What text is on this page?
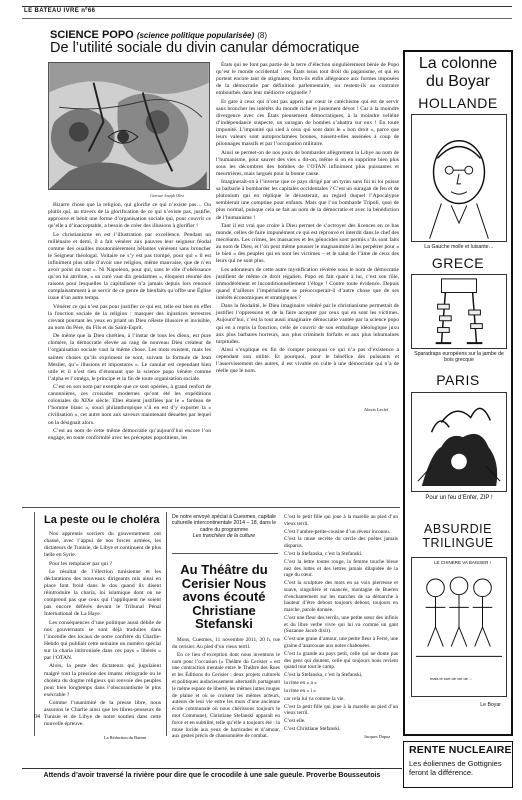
LE BATEAU IVRE nº66
SCIENCE POPO (science politique popularisée) (8)
De l’utilité sociale du divin canular démocratique
Gravure Joseph Olivi

Bizarre chose que la religion, qui glorifie ce qui n’existe pas… Ou plutôt qui, au travers de la glorification de ce qui n’existe pas, justifie, approuve et bénit une forme d’organisation sociale qui, pour couvrir ce qu’elle a d’inacceptable, a besoin de créer des illusions à glorifier !

Le christianisme en est l’illustration par excellence. Pendant un millénaire et demi, il a fait vénérer aux pauvres leur seigneur féodal comme des ouailles moutonnièrement bêlantes vénèrent sans broncher le Seigneur théologal. Voltaire ne s’y est pas trompé, pour qui « il est infiniment plus utile d’avoir une religion, même mauvaise, que de n’en avoir point du tout ». Ni Napoléon, pour qui, sans le rôle d’obéissance qu’on lui attribue, « un curé vaut dix gendarmes », éloquent résumé des raisons pour lesquelles la capitalisme n’a jamais depuis lors renoncé complaisamment à se servir de ce genre de bienfaits qu’offre une Église issue d’un autre temps.

Vénérer ce qui n’est pas pour justifier ce qui est, telle est bien en effet la fonction sociale de la religion : masquer des injustices terrestres crevant pourtant les yeux en priant un Dieu céleste illusoire et invisible, au nom du Père, du Fils et du Saint-Esprit.

De même que la Dieu chrétien, à l’instar de tous les dieux, est pure chimère, la démocratie élevée au rang de nouveau Dieu créateur de l’organisation sociale vaut la même chose. Les mots existent, mais les saintes choses qu’ils expriment ne sont, suivant la formule de Jean Meslier, qu’« illusions et impostures ». Le canular est cependant bien utile et il n’est rien d’étonnant que la science popo vénère comme l’alpha et l’oméga, le principe et la fin de toute organisation sociale.

C’est en son nom par exemple que ce sont opérées, à grand renfort de canonnières, ces croisades modernes qu’ont été les expéditions coloniales du XIXe siècle. Elles étaient justifiées par le « fardeau de l’homme blanc », souci philanthropique s’il en est d’y exporter la « civilisation », cet autre nom aux saveurs maintenant désuètes par lequel on la désignait alors.

C’est au nom de cette même démocratie qu’aujourd’hui encore l’on engage, en toute conformité avec les préceptes popolitiens, les

États qui ne font pas partie de la terre d’élection singulièrement bénie de Popo qu’est le monde occidental : ces États issus tout droit du paganisme, et qui en portent encore tant de stigmates, forts-ils enfin allégeance aux formes imposées de la démocratie par définition parlementaire, ou restent-ils au contraire embourbés dans leur médiocre originelle ?

Et gare à ceux qui n’ont pas appris par cœur le catéchisme qui est de servir sans broncher les intérêts du monde riche et justement dévot ! Car à la moindre divergence avec ces États pieusement démocratiques, à la moindre velléité d’indépendance suspecte, un ouragan de bombes s’abattra sur eux ! En toute impunité. L’impunité qui sied à ceux qui sont dans le « bon droit », parce que leurs valeurs sont autoproclamées bonnes, tussent-elles assénées à coup de pilonnages massifs et par l’occupation militaire.

Ainsi se permet-on de nos jours de bombarder allègrement la Libye au nom de l’humanisme, pour sauver des vies « dit-on, même si on en supprime bien plus sous les décombres des bombes de l’OTAN infiniment plus puissantes et meurtrières, mais largués pour la bonne cause.

Imaginerait-on à l’inverse que ce pays dirigé par un tyran sans foi ni loi puisse sa barbarie à bombarder les capitales occidentales ? C’est un ouragan de feu et de plutonium qui en réplique le dévasterait, au regard duquel l’Apocalypse semblerait une comptine pour enfants. Mais que l’on bombarde Tripoli, quoi de plus normal, puisque cela se fait au nom de la démocratie et avec la bénédiction de l’humanisme !

Tant il est vrai que croire à Dieu permet de s’octroyer des licences en ce bas monde, celles de faire impunément ce qui est réprouvé et interdit dans le chef des mécréants. Les crimes, les massacres et les génocides sont permis s’ils sont faits au nom de Dieu, et l’on peut même pousser le magnanimité à les perpétrer pour « le bien » des peuples qui en sont les victimes – et le salut de l’âme de ceux des leurs qui ne sont plus.

Les adorateurs de cette autre mystification révérée sous le nom de démocratie justifient de même ce droit régalien. Popo en fait quant à lui, c’est son rôle, immodérément et inconditionnellement l’éloge ! Contre toute évidence. Depuis quand d’ailleurs l’impérialisme se préoccuperait-il d’autre chose que de ses intérêts économiques et stratégiques ?

Dans la féodalité, le Dieu imaginaire vénéré par le christianisme permettait de justifier l’oppression et de la faire accepter par ceux qui en sont les victimes. Aujourd’hui, c’est la tout aussi imaginaire démocratie vantée par la science popo qui en a repris la fonction, celle de couvrir de son emballage idéologique juxu aux plus barbares horreurs, aux plus criminels forfaits et aux plus inhumaines turpitudes.

Ainsi s’explique en fin de compte pourquoi ce qui n’a pas d’existence a cependant son utilité. Et pourquoi, pour le bénéfice des puissants et l’asservissement des autres, il est vivable en culte à une démocratie qui n’a de réelle que le nom.

Alexis Leclef
La peste ou le choléra

Nos apprentis sorciers du gouvernement ont chassé, avec l’appui de nos forces armées, les dictateurs de Tunisie, de Libye et continuent de plus belle en Syrie.

Pour les remplacer par qui ?

Le résultat de l’élection tunisienne et les déclarations des nouveaux dirigeants mis ainsi en place font froid dans le dos quand ils disent réintroduire la charia, loi islamique dont on ne comprend pas que ceux qui l’appliquent ne soient pas encore déférés devant le Tribunal Pénal International de La Haye.

Les conséquences d’une politique aussi débile de nos gouvernants se sont déjà traduites dans l’incendie des locaux de notre confrère du Charlie-Hebdo qui publiait cette semaine un numéro spécial sur la charia intitronisée dans ces pays « libérés » par l’OTAN.

Alors, la peste des dictateurs qui jugulaient malgré tout la pression des imams rétrograde ou le choléra du dogme religieux qui renvoie des peuples pour bien longtemps dans l’obscurantisme le plus exécrable ?

Comme l’unanimité de la presse libre, nous assurons le Charlie ainsi que les libres-penseurs de Tunisie et de Libye de notre soutien dans cette nouvelle épreuve.

04
La Rédaction du Bateau
De notre envoyé spécial à Cuesmes, capitale culturelle intercontinentale 2014 – 18, dans le cadre du programme
Les tranchées de la culture
Au Théâtre du Cerisier Nous avons écouté Christiane Stefanski

Mons, Cuesmes, 11 novembre 2011, 20 h, rue du cerisier. Au pied d’un vieux terril.

En ce lieu d’exception dont nous inventons le nom pour l’occasion (« Théâtre du Cerisier » est une contraction mentale entre le Théâtre des Rues et les Éditions du Cerisier : deux projets culturels et politiques audacieusement alternatifs partageant le même espace de liberté, les mêmes luttes rouges de plaine et où se croisent les mêmes acteurs, auteurs de leur vie entre les murs d’une ancienne école communale où nous chérissons toujours le mot Commune), Christiane Stefanski apparaît en force et en subtilité, telle qu’elle a toujours été : la muse lucide aux yeux de barricades et d’amour, aux gestes précis de chansonnière de combat.

C’est le petit fille qui joue à la marelle au pied d’un vieux terril.

C’est l’ambre-petite-cousine d’un rêveur inconnu.

C’est la muse secrète du cercle des poètes jamais disparus.

C’est la Stefanska, c’est la Stefanski.

C’est la lettre toutes rouge, la femme touche bleue nez des luttes et des lettres jamais dilapidée de la rage du cœur.

C’est la sculpture des mots en sa voix pierreuse et suave, singulière et nuancée, montagne de Bueren d’enchantement sur les marches de sa démarche à hauteur d’être debout toujours debout, toujours en marche, parole donnée.

C’est une fleur des terrils, une petite sœur des infinis et du libre verbe vivre qui lui va comme un gant (Suzanne Jacob dixit).

C’est une grane d’amour, une petite fleur à Ferré, une graine d’anarcouae aux notes chabouées.

C’est la grande au pays petit, celle qui ne doute pas des gens qui doutent, celle qui toujours nous revient quand tout tout le camp.

C’est la Stefanska, c’est la Stefanski,

la rime en « a »

la rime en « i »

car cela lui va comme la vie.

C’est la petit fille qui joue à la marelle au pied d’un vieux terril.

C’est elle.

C’est Christiane Stefanski.

Jacques Dapoz
La colonne
du Boyar
HOLLANDE
La Gauche molle et luisante…
GRECE
Sparadraps européens sur la jambe de bois grecque
PARIS
Pour un feu d’Enfer, ZIP !
ABSURDIE TRILINGUE
LE CHINERE VA BAISSER !
mais le sort de vie de ...
Le Boyar
RENTE NUCLEAIRE
Les éoliennes de Gottignies feront la différence.
Attends d’avoir traversé la rivière pour dire que le crocodile à une sale gueule. Proverbe Bousseutois
